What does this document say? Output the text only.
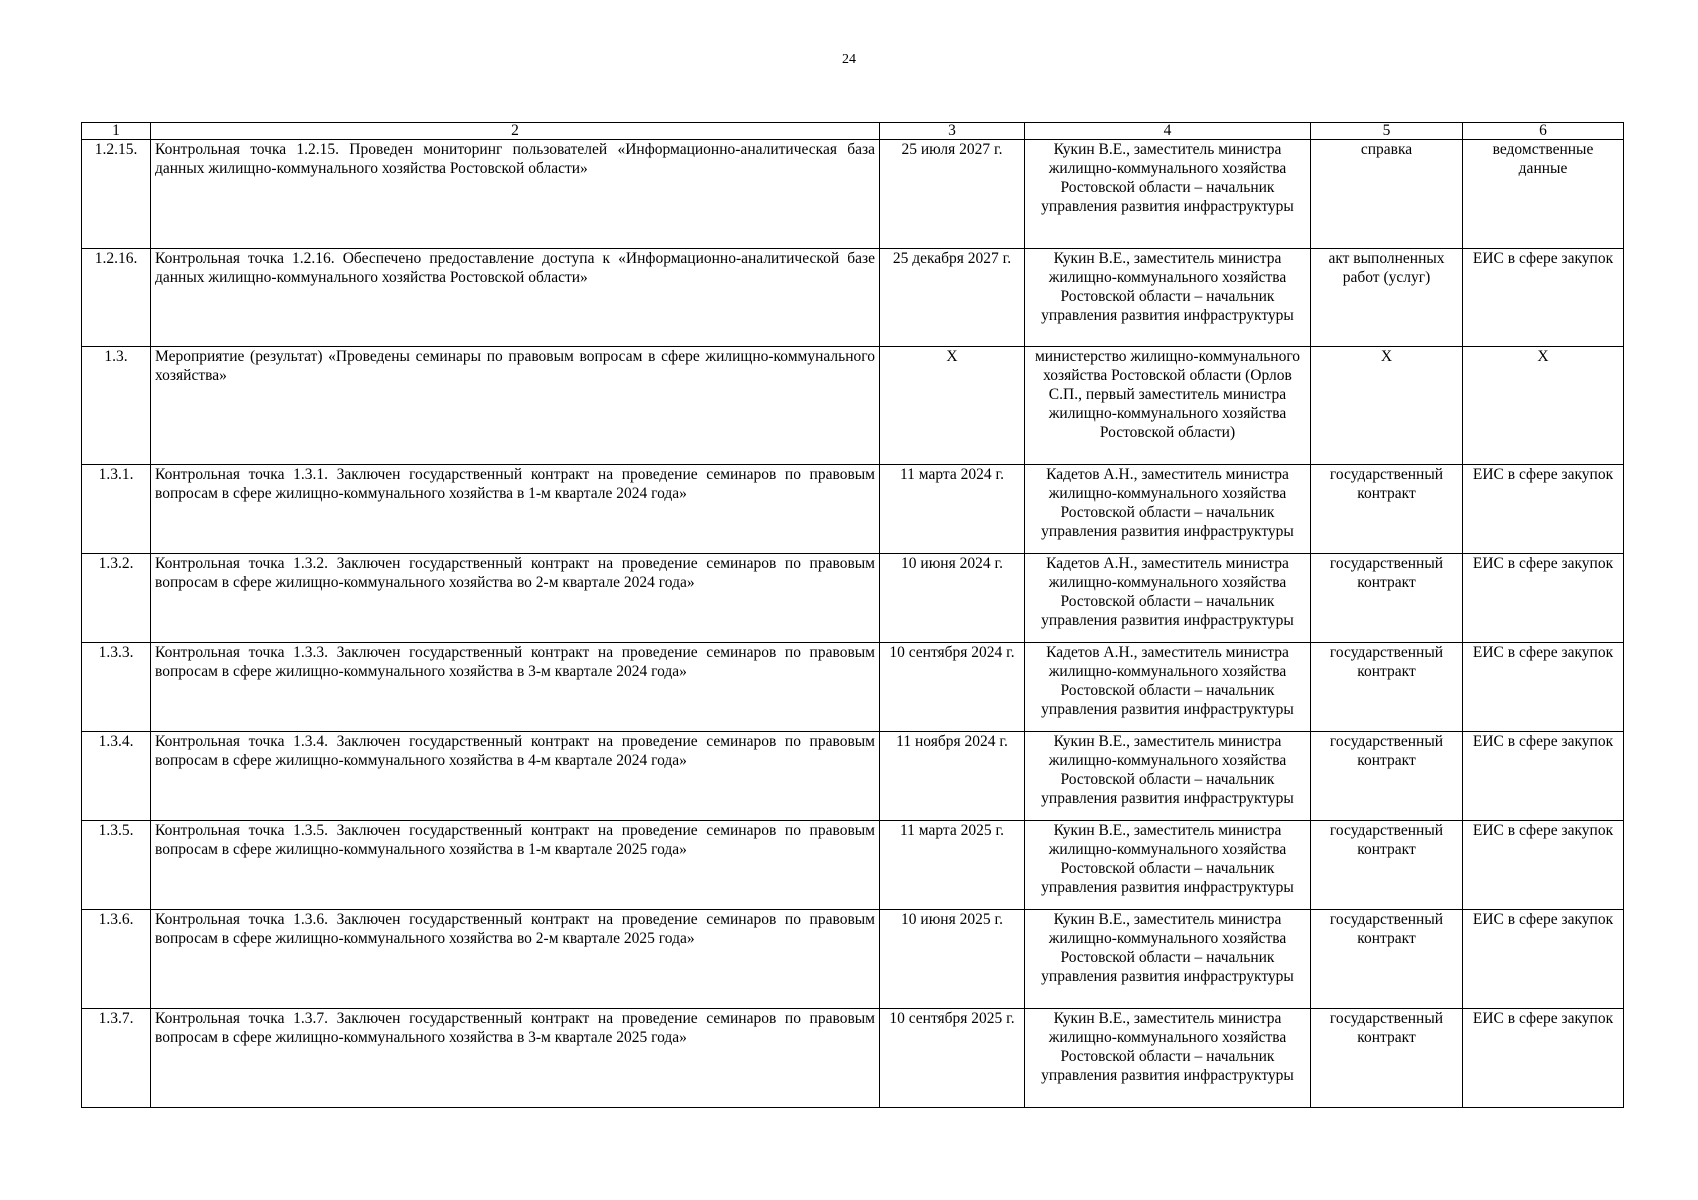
24
1	2	3	4	5	6
1.2.15.	Контрольная точка 1.2.15. Проведен мониторинг пользователей «Информационно-аналитическая база данных жилищно-коммунального хозяйства Ростовской области»	25 июля 2027 г.	Кукин В.Е., заместитель министра жилищно-коммунального хозяйства Ростовской области – начальник управления развития инфраструктуры	справка	ведомственные данные
1.2.16.	Контрольная точка 1.2.16. Обеспечено предоставление доступа к «Информационно-аналитической базе данных жилищно-коммунального хозяйства Ростовской области»	25 декабря 2027 г.	Кукин В.Е., заместитель министра жилищно-коммунального хозяйства Ростовской области – начальник управления развития инфраструктуры	акт выполненных работ (услуг)	ЕИС в сфере закупок
1.3.	Мероприятие (результат) «Проведены семинары по правовым вопросам в сфере жилищно-коммунального хозяйства»	X	министерство жилищно-коммунального хозяйства Ростовской области (Орлов С.П., первый заместитель министра жилищно-коммунального хозяйства Ростовской области)	X	X
1.3.1.	Контрольная точка 1.3.1. Заключен государственный контракт на проведение семинаров по правовым вопросам в сфере жилищно-коммунального хозяйства в 1-м квартале 2024 года»	11 марта 2024 г.	Кадетов А.Н., заместитель министра жилищно-коммунального хозяйства Ростовской области – начальник управления развития инфраструктуры	государственный контракт	ЕИС в сфере закупок
1.3.2.	Контрольная точка 1.3.2. Заключен государственный контракт на проведение семинаров по правовым вопросам в сфере жилищно-коммунального хозяйства во 2-м квартале 2024 года»	10 июня 2024 г.	Кадетов А.Н., заместитель министра жилищно-коммунального хозяйства Ростовской области – начальник управления развития инфраструктуры	государственный контракт	ЕИС в сфере закупок
1.3.3.	Контрольная точка 1.3.3. Заключен государственный контракт на проведение семинаров по правовым вопросам в сфере жилищно-коммунального хозяйства в 3-м квартале 2024 года»	10 сентября 2024 г.	Кадетов А.Н., заместитель министра жилищно-коммунального хозяйства Ростовской области – начальник управления развития инфраструктуры	государственный контракт	ЕИС в сфере закупок
1.3.4.	Контрольная точка 1.3.4. Заключен государственный контракт на проведение семинаров по правовым вопросам в сфере жилищно-коммунального хозяйства в 4-м квартале 2024 года»	11 ноября 2024 г.	Кукин В.Е., заместитель министра жилищно-коммунального хозяйства Ростовской области – начальник управления развития инфраструктуры	государственный контракт	ЕИС в сфере закупок
1.3.5.	Контрольная точка 1.3.5. Заключен государственный контракт на проведение семинаров по правовым вопросам в сфере жилищно-коммунального хозяйства в 1-м квартале 2025 года»	11 марта 2025 г.	Кукин В.Е., заместитель министра жилищно-коммунального хозяйства Ростовской области – начальник управления развития инфраструктуры	государственный контракт	ЕИС в сфере закупок
1.3.6.	Контрольная точка 1.3.6. Заключен государственный контракт на проведение семинаров по правовым вопросам в сфере жилищно-коммунального хозяйства во 2-м квартале 2025 года»	10 июня 2025 г.	Кукин В.Е., заместитель министра жилищно-коммунального хозяйства Ростовской области – начальник управления развития инфраструктуры	государственный контракт	ЕИС в сфере закупок
1.3.7.	Контрольная точка 1.3.7. Заключен государственный контракт на проведение семинаров по правовым вопросам в сфере жилищно-коммунального хозяйства в 3-м квартале 2025 года»	10 сентября 2025 г.	Кукин В.Е., заместитель министра жилищно-коммунального хозяйства Ростовской области – начальник управления развития инфраструктуры	государственный контракт	ЕИС в сфере закупок
